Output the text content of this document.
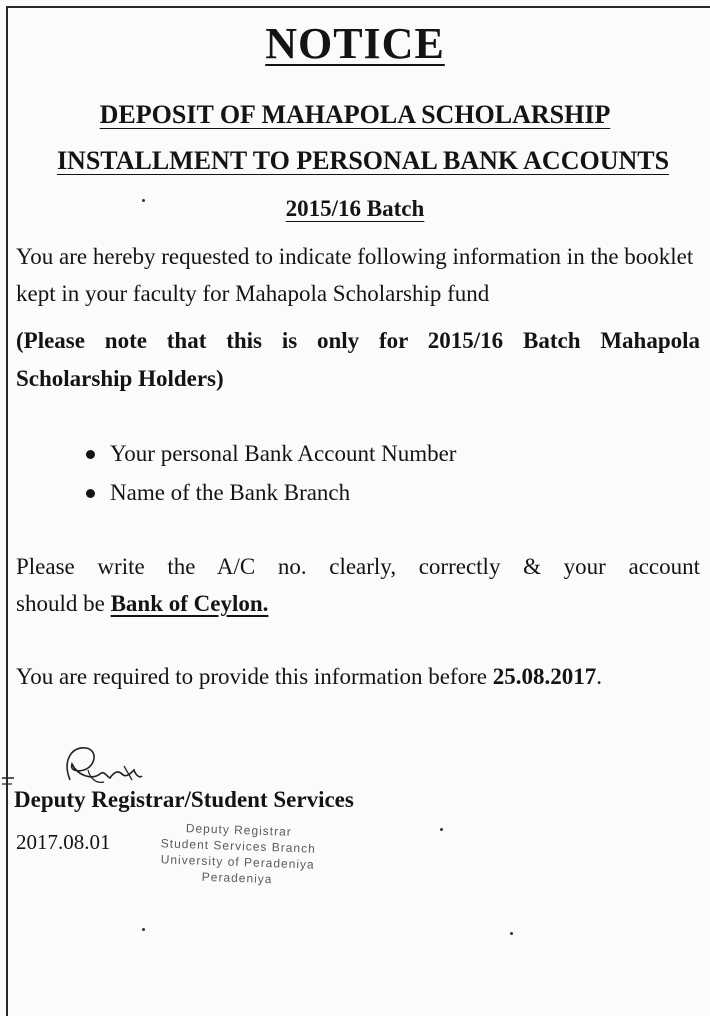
NOTICE
DEPOSIT OF MAHAPOLA SCHOLARSHIP
INSTALLMENT TO PERSONAL BANK ACCOUNTS
2015/16 Batch
You are hereby requested to indicate following information in the booklet kept in your faculty for Mahapola Scholarship fund
(Please note that this is only for 2015/16 Batch Mahapola
Scholarship Holders)
Your personal Bank Account Number
Name of the Bank Branch
Please write the A/C no. clearly, correctly & your account
should be Bank of Ceylon.
You are required to provide this information before 25.08.2017.
Deputy Registrar/Student Services
2017.08.01	Deputy Registrar
Student Services Branch
University of Peradeniya
Peradeniya
